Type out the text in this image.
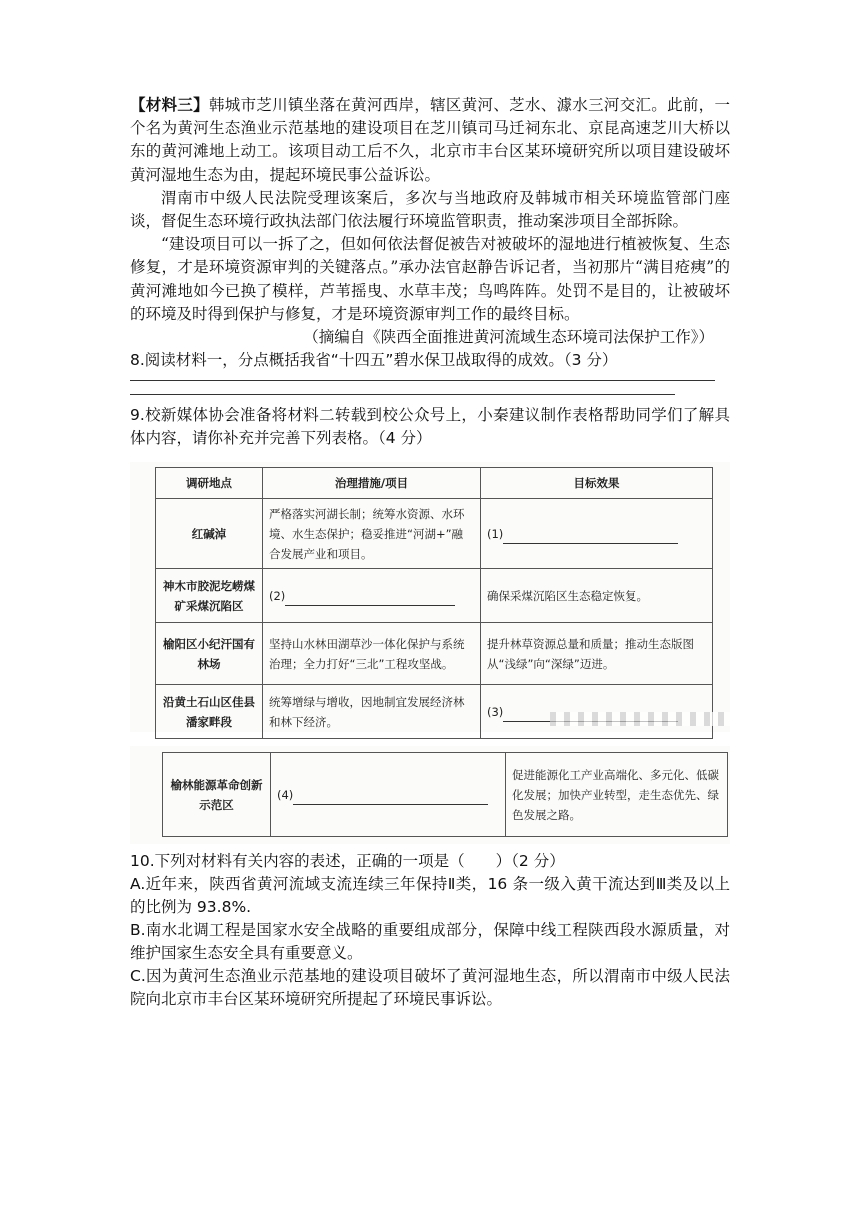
【材料三】韩城市芝川镇坐落在黄河西岸，辖区黄河、芝水、澽水三河交汇。此前，一个名为黄河生态渔业示范基地的建设项目在芝川镇司马迁祠东北、京昆高速芝川大桥以东的黄河滩地上动工。该项目动工后不久，北京市丰台区某环境研究所以项目建设破坏黄河湿地生态为由，提起环境民事公益诉讼。

渭南市中级人民法院受理该案后，多次与当地政府及韩城市相关环境监管部门座谈，督促生态环境行政执法部门依法履行环境监管职责，推动案涉项目全部拆除。

“建设项目可以一拆了之，但如何依法督促被告对被破坏的湿地进行植被恢复、生态修复，才是环境资源审判的关键落点。”承办法官赵静告诉记者，当初那片“满目疮痍”的黄河滩地如今已换了模样，芦苇摇曳、水草丰茂；鸟鸣阵阵。处罚不是目的，让被破坏的环境及时得到保护与修复，才是环境资源审判工作的最终目标。

（摘编自《陕西全面推进黄河流域生态环境司法保护工作》）

8.阅读材料一，分点概括我省“十四五”碧水保卫战取得的成效。（3 分）

9.校新媒体协会准备将材料二转载到校公众号上，小秦建议制作表格帮助同学们了解具体内容，请你补充并完善下列表格。（4 分）

调研地点	治理措施/项目	目标效果
红碱淖	严格落实河湖长制；统筹水资源、水环境、水生态保护；稳妥推进“河湖+”融合发展产业和项目。	(1)
神木市胶泥圪崂煤矿采煤沉陷区	(2)	确保采煤沉陷区生态稳定恢复。
榆阳区小纪汗国有林场	坚持山水林田湖草沙一体化保护与系统治理；全力打好“三北”工程攻坚战。	提升林草资源总量和质量；推动生态版图从“浅绿”向“深绿”迈进。
沿黄土石山区佳县潘家畔段	统筹增绿与增收，因地制宜发展经济林和林下经济。	(3)
榆林能源革命创新示范区	(4)	促进能源化工产业高端化、多元化、低碳化发展；加快产业转型，走生态优先、绿色发展之路。

10.下列对材料有关内容的表述，正确的一项是（　　）（2 分）

A.近年来，陕西省黄河流域支流连续三年保持Ⅱ类，16 条一级入黄干流达到Ⅲ类及以上的比例为 93.8%.

B.南水北调工程是国家水安全战略的重要组成部分，保障中线工程陕西段水源质量，对维护国家生态安全具有重要意义。

C.因为黄河生态渔业示范基地的建设项目破坏了黄河湿地生态，所以渭南市中级人民法院向北京市丰台区某环境研究所提起了环境民事诉讼。
